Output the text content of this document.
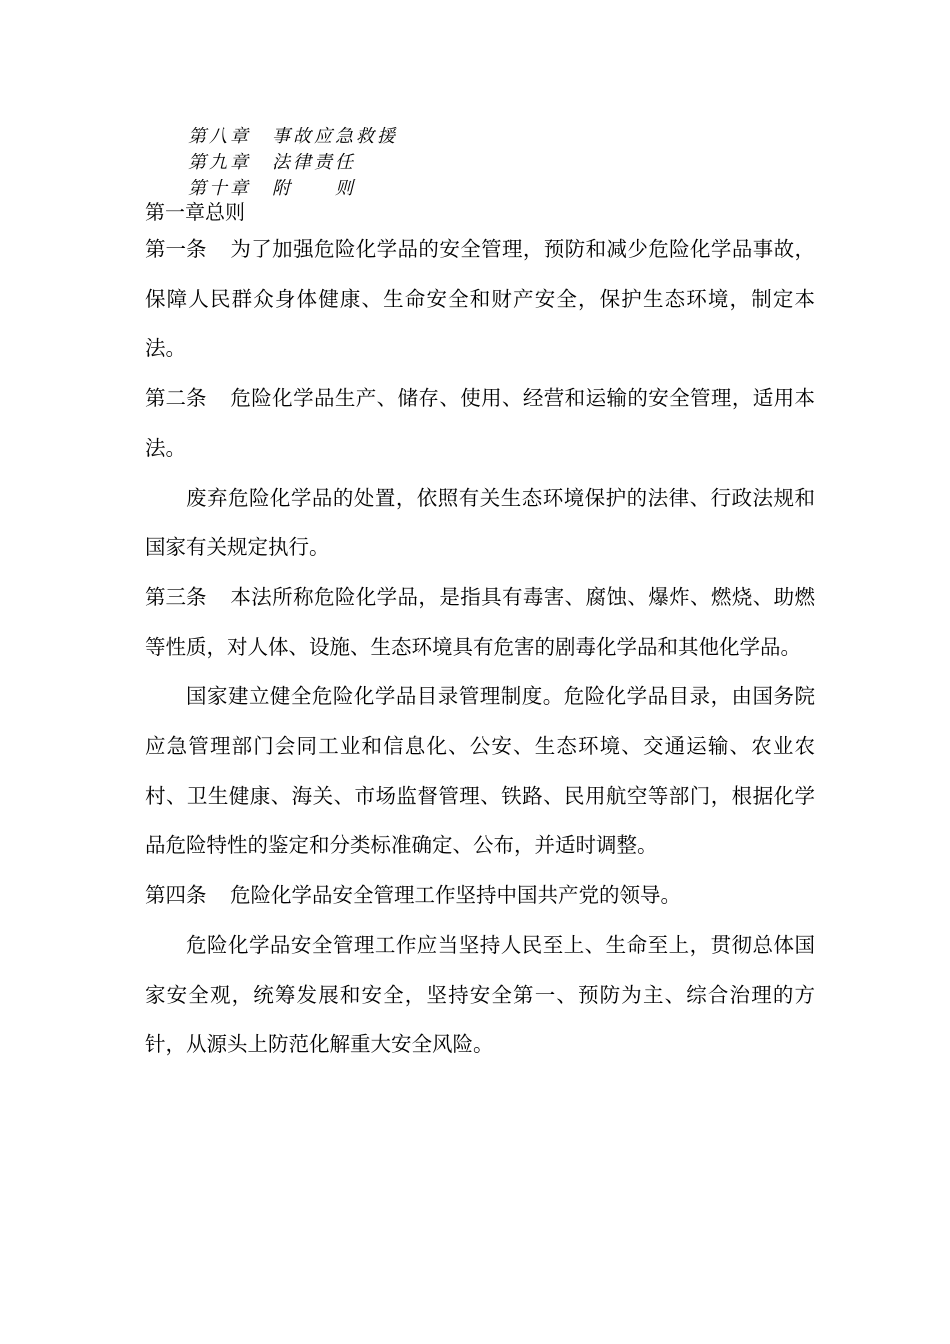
第八章 事故应急救援
第九章 法律责任
第十章 附　　则
第一章总则

第一条 为了加强危险化学品的安全管理，预防和减少危险化学品事故，保障人民群众身体健康、生命安全和财产安全，保护生态环境，制定本法。

第二条 危险化学品生产、储存、使用、经营和运输的安全管理，适用本法。

废弃危险化学品的处置，依照有关生态环境保护的法律、行政法规和国家有关规定执行。

第三条 本法所称危险化学品，是指具有毒害、腐蚀、爆炸、燃烧、助燃等性质，对人体、设施、生态环境具有危害的剧毒化学品和其他化学品。

国家建立健全危险化学品目录管理制度。危险化学品目录，由国务院应急管理部门会同工业和信息化、公安、生态环境、交通运输、农业农村、卫生健康、海关、市场监督管理、铁路、民用航空等部门，根据化学品危险特性的鉴定和分类标准确定、公布，并适时调整。

第四条 危险化学品安全管理工作坚持中国共产党的领导。

危险化学品安全管理工作应当坚持人民至上、生命至上，贯彻总体国家安全观，统筹发展和安全，坚持安全第一、预防为主、综合治理的方针，从源头上防范化解重大安全风险。
